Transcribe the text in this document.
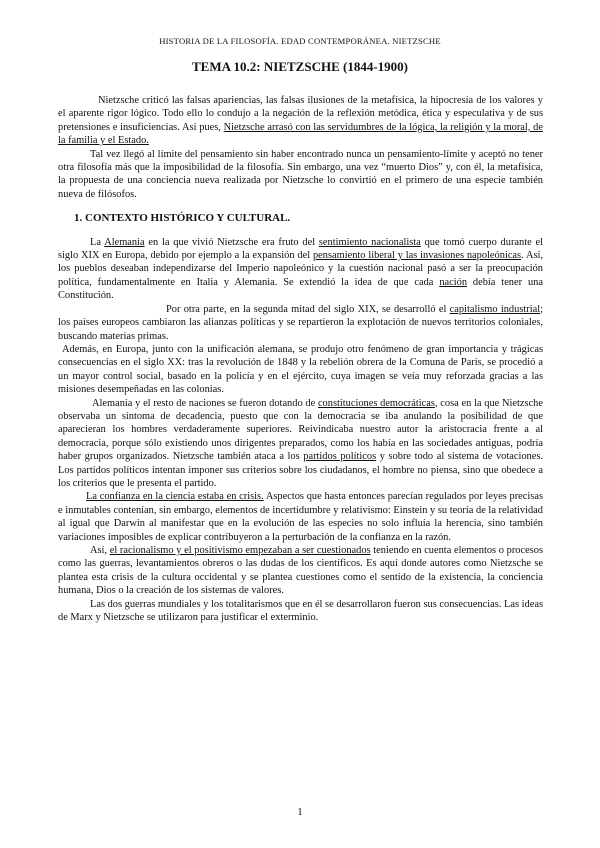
HISTORIA DE LA FILOSOFÍA. EDAD CONTEMPORÁNEA. NIETZSCHE
TEMA 10.2: NIETZSCHE (1844-1900)

Nietzsche criticó las falsas apariencias, las falsas ilusiones de la metafísica, la hipocresía de los valores y el aparente rigor lógico. Todo ello lo condujo a la negación de la reflexión metódica, ética y especulativa y de sus pretensiones e insuficiencias. Así pues, Nietzsche arrasó con las servidumbres de la lógica, la religión y la moral, de la familia y el Estado.

Tal vez llegó al límite del pensamiento sin haber encontrado nunca un pensamiento-límite y aceptó no tener otra filosofía más que la imposibilidad de la filosofía. Sin embargo, una vez “muerto Dios” y, con él, la metafísica, la propuesta de una conciencia nueva realizada por Nietzsche lo convirtió en el primero de una especie también nueva de filósofos.

1. CONTEXTO HISTÓRICO Y CULTURAL.

La Alemania en la que vivió Nietzsche era fruto del sentimiento nacionalista que tomó cuerpo durante el siglo XIX en Europa, debido por ejemplo a la expansión del pensamiento liberal y las invasiones napoleónicas. Así, los pueblos deseaban independizarse del Imperio napoleónico y la cuestión nacional pasó a ser la preocupación política, fundamentalmente en Italia y Alemania. Se extendió la idea de que cada nación debía tener una Constitución.

Por otra parte, en la segunda mitad del siglo XIX, se desarrolló el capitalismo industrial; los países europeos cambiaron las alianzas políticas y se repartieron la explotación de nuevos territorios coloniales, buscando materias primas.

Además, en Europa, junto con la unificación alemana, se produjo otro fenómeno de gran importancia y trágicas consecuencias en el siglo XX: tras la revolución de 1848 y la rebelión obrera de la Comuna de París, se procedió a un mayor control social, basado en la policía y en el ejército, cuya imagen se veía muy reforzada gracias a las misiones desempeñadas en las colonias.

Alemania y el resto de naciones se fueron dotando de constituciones democráticas, cosa en la que Nietzsche observaba un síntoma de decadencia, puesto que con la democracia se iba anulando la posibilidad de que aparecieran los hombres verdaderamente superiores. Reivindicaba nuestro autor la aristocracia frente a al democracia, porque sólo existiendo unos dirigentes preparados, como los había en las sociedades antiguas, podría haber grupos organizados. Nietzsche también ataca a los partidos políticos y sobre todo al sistema de votaciones. Los partidos políticos intentan imponer sus criterios sobre los ciudadanos, el hombre no piensa, sino que obedece a los criterios que le presenta el partido.

La confianza en la ciencia estaba en crisis. Aspectos que hasta entonces parecían regulados por leyes precisas e inmutables contenían, sin embargo, elementos de incertidumbre y relativismo: Einstein y su teoría de la relatividad al igual que Darwin al manifestar que en la evolución de las especies no solo influía la herencia, sino también variaciones imposibles de explicar contribuyeron a la perturbación de la confianza en la razón.

Así, el racionalismo y el positivismo empezaban a ser cuestionados teniendo en cuenta elementos o procesos como las guerras, levantamientos obreros o las dudas de los científicos. Es aquí donde autores como Nietzsche se plantea esta crisis de la cultura occidental y se plantea cuestiones como el sentido de la existencia, la conciencia humana, Dios o la creación de los sistemas de valores.

Las dos guerras mundiales y los totalitarismos que en él se desarrollaron fueron sus consecuencias. Las ideas de Marx y Nietzsche se utilizaron para justificar el exterminio.

1
